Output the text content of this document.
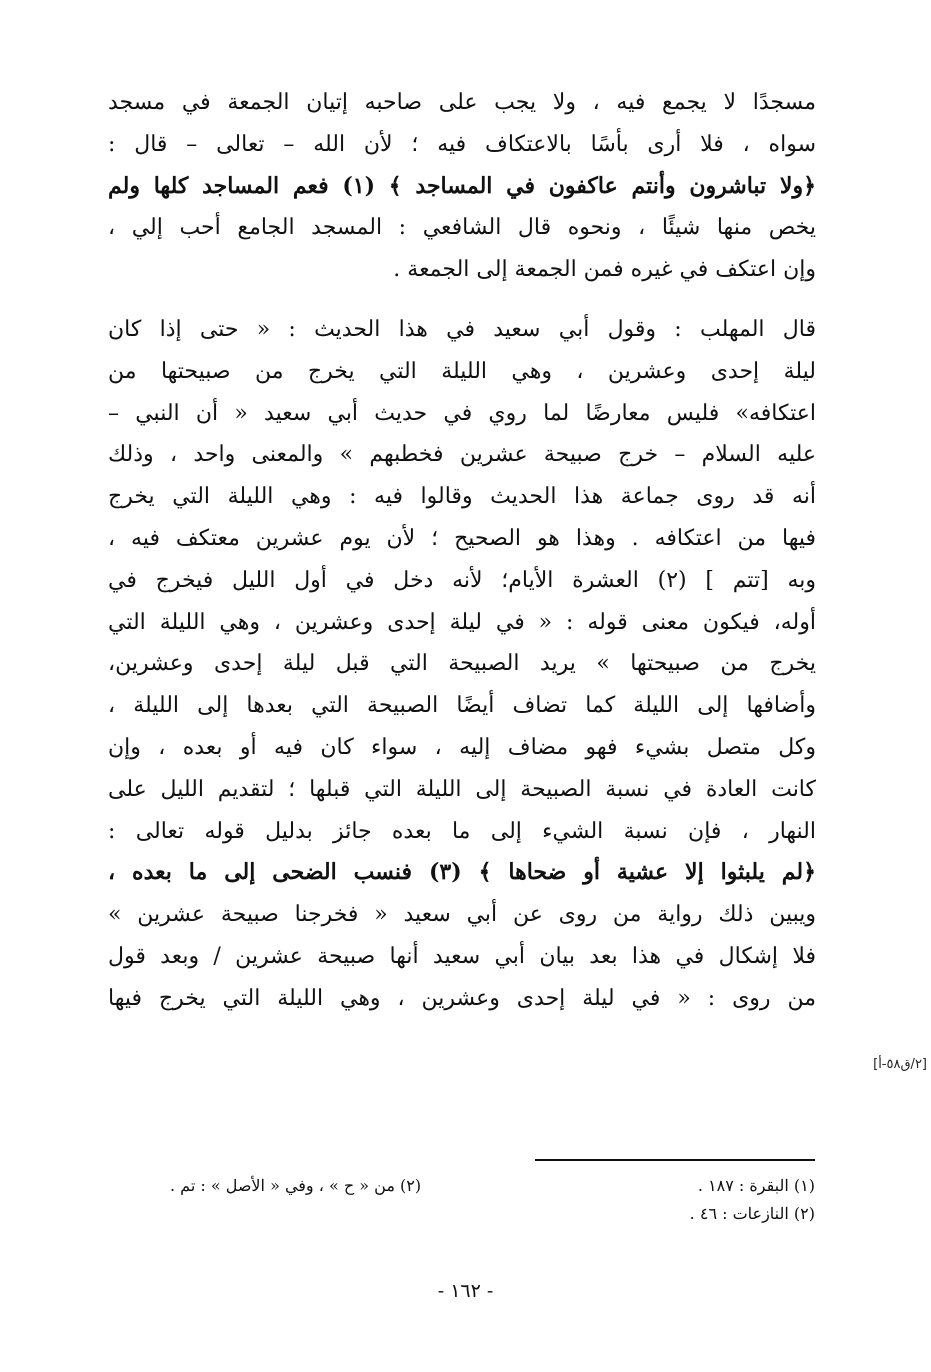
مسجدًا لا يجمع فيه ، ولا يجب على صاحبه إتيان الجمعة في مسجد
سواه ، فلا أرى بأسًا بالاعتكاف فيه ؛ لأن الله – تعالى – قال :
﴿ولا تباشرون وأنتم عاكفون في المساجد ﴾ (١) فعم المساجد كلها ولم
يخص منها شيئًا ، ونحوه قال الشافعي : المسجد الجامع أحب إلي ،
وإن اعتكف في غيره فمن الجمعة إلى الجمعة .
قال المهلب : وقول أبي سعيد في هذا الحديث : « حتى إذا كان
ليلة إحدى وعشرين ، وهي الليلة التي يخرج من صبيحتها من
اعتكافه» فليس معارضًا لما روي في حديث أبي سعيد « أن النبي –
عليه السلام – خرج صبيحة عشرين فخطبهم » والمعنى واحد ، وذلك
أنه قد روى جماعة هذا الحديث وقالوا فيه : وهي الليلة التي يخرج
فيها من اعتكافه . وهذا هو الصحيح ؛ لأن يوم عشرين معتكف فيه ،
وبه [تتم ] (٢) العشرة الأيام؛ لأنه دخل في أول الليل فيخرج في
أوله، فيكون معنى قوله : « في ليلة إحدى وعشرين ، وهي الليلة التي
يخرج من صبيحتها » يريد الصبيحة التي قبل ليلة إحدى وعشرين،
وأضافها إلى الليلة كما تضاف أيضًا الصبيحة التي بعدها إلى الليلة ،
وكل متصل بشيء فهو مضاف إليه ، سواء كان فيه أو بعده ، وإن
كانت العادة في نسبة الصبيحة إلى الليلة التي قبلها ؛ لتقديم الليل على
النهار ، فإن نسبة الشيء إلى ما بعده جائز بدليل قوله تعالى :
﴿لم يلبثوا إلا عشية أو ضحاها ﴾ (٣) فنسب الضحى إلى ما بعده ،
ويبين ذلك رواية من روى عن أبي سعيد « فخرجنا صبيحة عشرين »
فلا إشكال في هذا بعد بيان أبي سعيد أنها صبيحة عشرين / وبعد قول
من روى : « في ليلة إحدى وعشرين ، وهي الليلة التي يخرج فيها
[٢/ق٥٨-أ]
(١) البقرة : ١٨٧ .
(٢) من « ح » ، وفي « الأصل » : تم .
(٢) النازعات : ٤٦ .
- ١٦٢ -
